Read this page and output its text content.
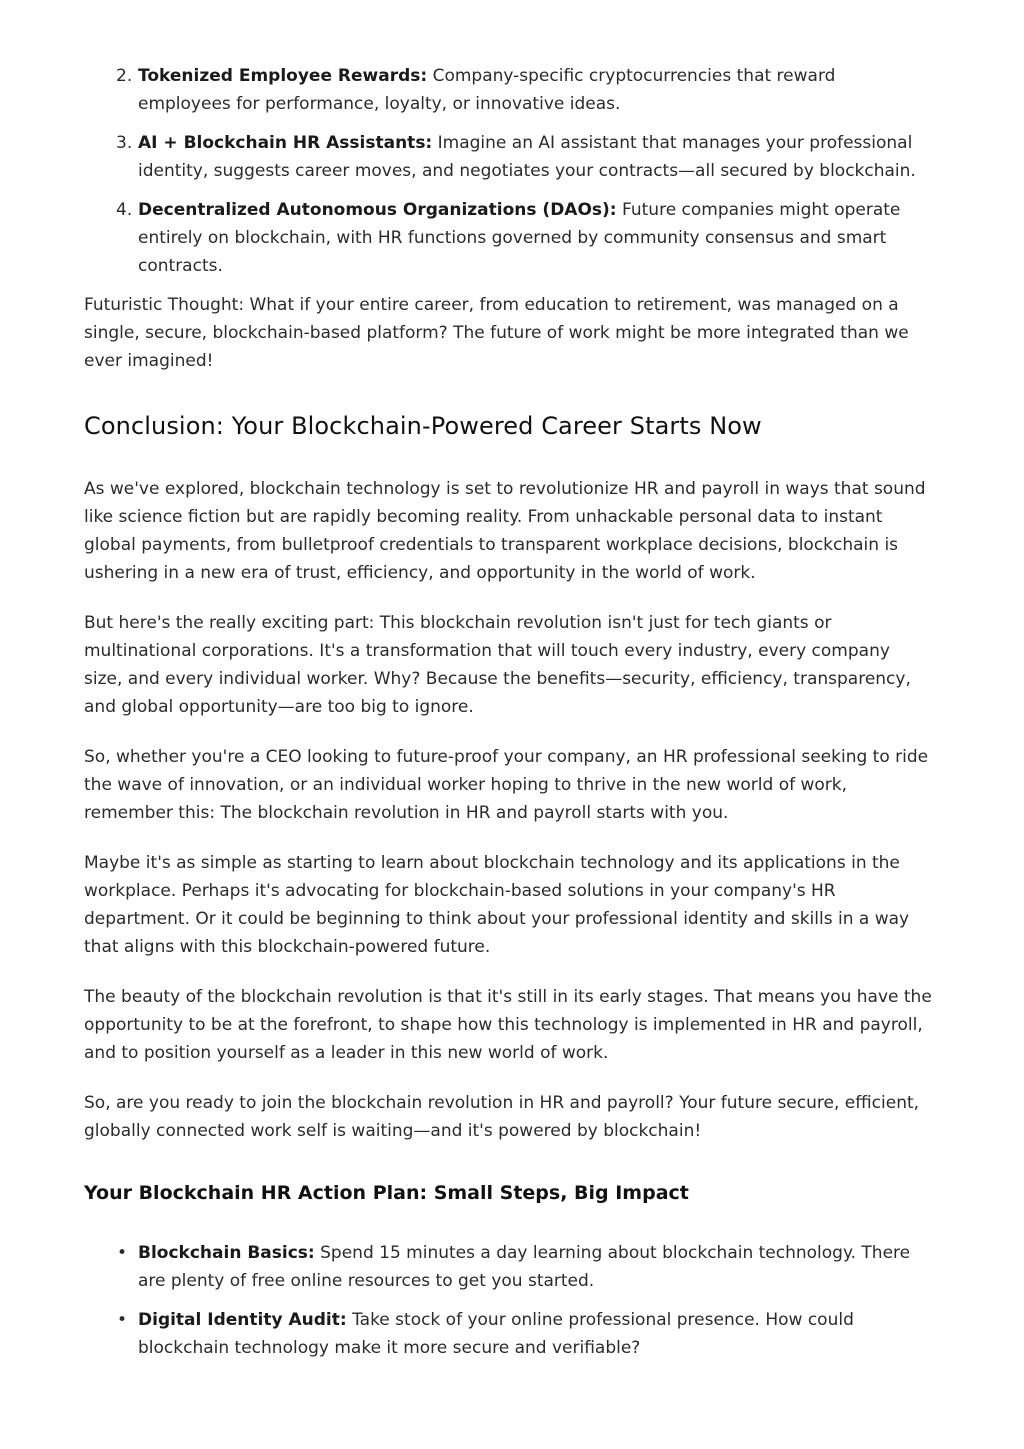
2. Tokenized Employee Rewards: Company-specific cryptocurrencies that reward employees for performance, loyalty, or innovative ideas.
3. AI + Blockchain HR Assistants: Imagine an AI assistant that manages your professional identity, suggests career moves, and negotiates your contracts—all secured by blockchain.
4. Decentralized Autonomous Organizations (DAOs): Future companies might operate entirely on blockchain, with HR functions governed by community consensus and smart contracts.

Futuristic Thought: What if your entire career, from education to retirement, was managed on a single, secure, blockchain-based platform? The future of work might be more integrated than we ever imagined!

Conclusion: Your Blockchain-Powered Career Starts Now

As we've explored, blockchain technology is set to revolutionize HR and payroll in ways that sound like science fiction but are rapidly becoming reality. From unhackable personal data to instant global payments, from bulletproof credentials to transparent workplace decisions, blockchain is ushering in a new era of trust, efficiency, and opportunity in the world of work.

But here's the really exciting part: This blockchain revolution isn't just for tech giants or multinational corporations. It's a transformation that will touch every industry, every company size, and every individual worker. Why? Because the benefits—security, efficiency, transparency, and global opportunity—are too big to ignore.

So, whether you're a CEO looking to future-proof your company, an HR professional seeking to ride the wave of innovation, or an individual worker hoping to thrive in the new world of work, remember this: The blockchain revolution in HR and payroll starts with you.

Maybe it's as simple as starting to learn about blockchain technology and its applications in the workplace. Perhaps it's advocating for blockchain-based solutions in your company's HR department. Or it could be beginning to think about your professional identity and skills in a way that aligns with this blockchain-powered future.

The beauty of the blockchain revolution is that it's still in its early stages. That means you have the opportunity to be at the forefront, to shape how this technology is implemented in HR and payroll, and to position yourself as a leader in this new world of work.

So, are you ready to join the blockchain revolution in HR and payroll? Your future secure, efficient, globally connected work self is waiting—and it's powered by blockchain!

Your Blockchain HR Action Plan: Small Steps, Big Impact
• Blockchain Basics: Spend 15 minutes a day learning about blockchain technology. There are plenty of free online resources to get you started.
• Digital Identity Audit: Take stock of your online professional presence. How could blockchain technology make it more secure and verifiable?
